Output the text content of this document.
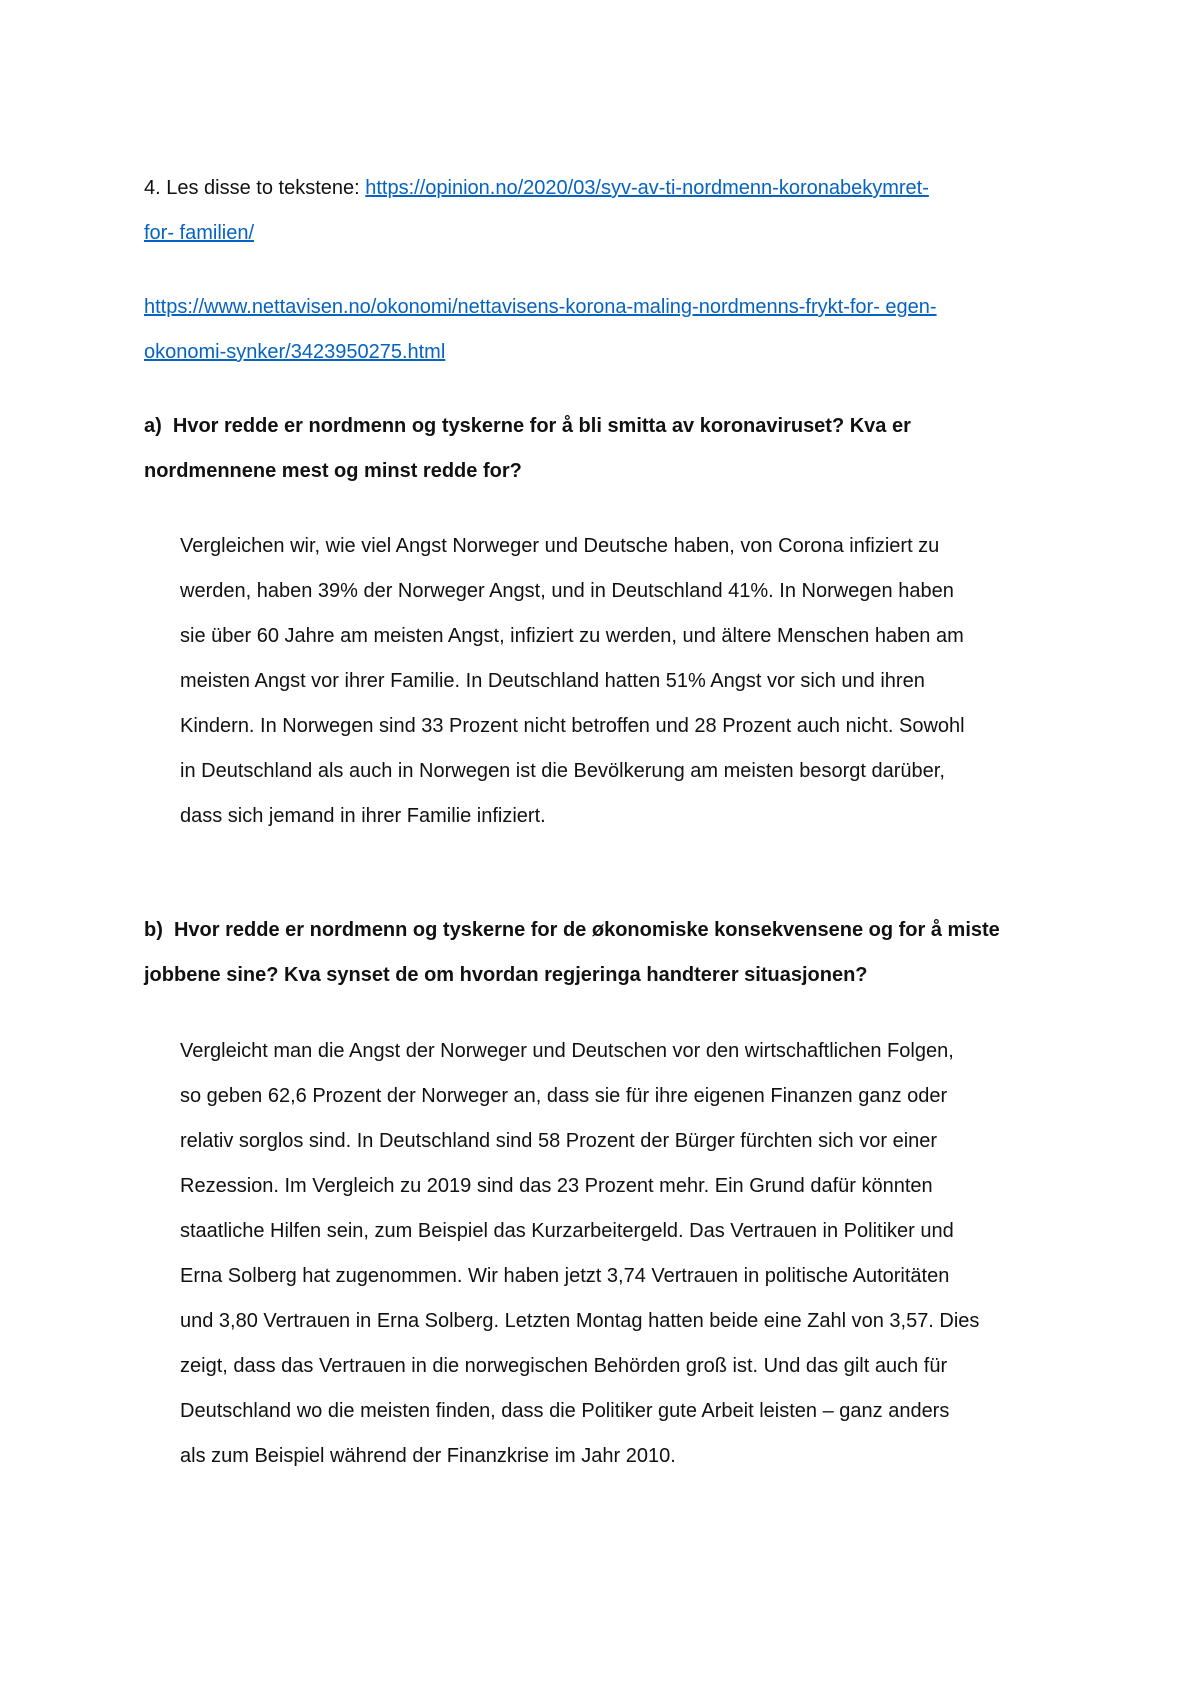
4. Les disse to tekstene: https://opinion.no/2020/03/syv-av-ti-nordmenn-koronabekymret-
for- familien/
https://www.nettavisen.no/okonomi/nettavisens-korona-maling-nordmenns-frykt-for- egen-
okonomi-synker/3423950275.html
a)  Hvor redde er nordmenn og tyskerne for å bli smitta av koronaviruset? Kva er
nordmennene mest og minst redde for?
Vergleichen wir, wie viel Angst Norweger und Deutsche haben, von Corona infiziert zu
werden, haben 39% der Norweger Angst, und in Deutschland 41%. In Norwegen haben
sie über 60 Jahre am meisten Angst, infiziert zu werden, und ältere Menschen haben am
meisten Angst vor ihrer Familie. In Deutschland hatten 51% Angst vor sich und ihren
Kindern. In Norwegen sind 33 Prozent nicht betroffen und 28 Prozent auch nicht. Sowohl
in Deutschland als auch in Norwegen ist die Bevölkerung am meisten besorgt darüber,
dass sich jemand in ihrer Familie infiziert.
b)  Hvor redde er nordmenn og tyskerne for de økonomiske konsekvensene og for å miste
jobbene sine? Kva synset de om hvordan regjeringa handterer situasjonen?
Vergleicht man die Angst der Norweger und Deutschen vor den wirtschaftlichen Folgen,
so geben 62,6 Prozent der Norweger an, dass sie für ihre eigenen Finanzen ganz oder
relativ sorglos sind. In Deutschland sind 58 Prozent der Bürger fürchten sich vor einer
Rezession. Im Vergleich zu 2019 sind das 23 Prozent mehr. Ein Grund dafür könnten
staatliche Hilfen sein, zum Beispiel das Kurzarbeitergeld. Das Vertrauen in Politiker und
Erna Solberg hat zugenommen. Wir haben jetzt 3,74 Vertrauen in politische Autoritäten
und 3,80 Vertrauen in Erna Solberg. Letzten Montag hatten beide eine Zahl von 3,57. Dies
zeigt, dass das Vertrauen in die norwegischen Behörden groß ist. Und das gilt auch für
Deutschland wo die meisten finden, dass die Politiker gute Arbeit leisten – ganz anders
als zum Beispiel während der Finanzkrise im Jahr 2010.
